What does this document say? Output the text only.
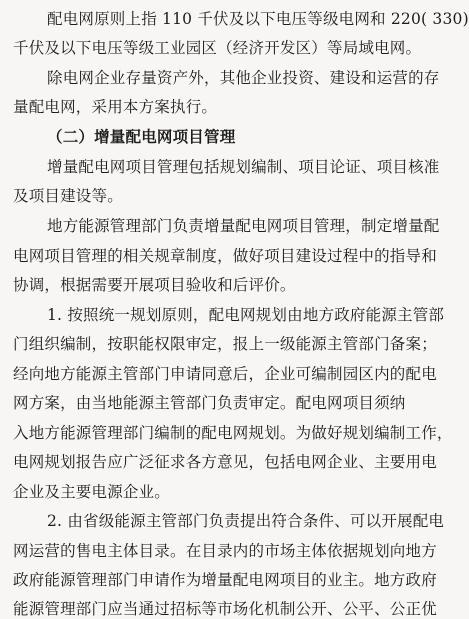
配电网原则上指 110 千伏及以下电压等级电网和 220( 330)
千伏及以下电压等级工业园区（经济开发区）等局域电网。
除电网企业存量资产外，其他企业投资、建设和运营的存
量配电网，采用本方案执行。
（二）增量配电网项目管理
增量配电网项目管理包括规划编制、项目论证、项目核准
及项目建设等。
地方能源管理部门负责增量配电网项目管理，制定增量配
电网项目管理的相关规章制度，做好项目建设过程中的指导和
协调，根据需要开展项目验收和后评价。
1. 按照统一规划原则，配电网规划由地方政府能源主管部
门组织编制，按职能权限审定，报上一级能源主管部门备案；
经向地方能源主管部门申请同意后，企业可编制园区内的配电
网方案，由当地能源主管部门负责审定。配电网项目须纳
入地方能源管理部门编制的配电网规划。为做好规划编制工作，
电网规划报告应广泛征求各方意见，包括电网企业、主要用电
企业及主要电源企业。
2. 由省级能源主管部门负责提出符合条件、可以开展配电
网运营的售电主体目录。在目录内的市场主体依据规划向地方
政府能源管理部门申请作为增量配电网项目的业主。地方政府
能源管理部门应当通过招标等市场化机制公开、公平、公正优
